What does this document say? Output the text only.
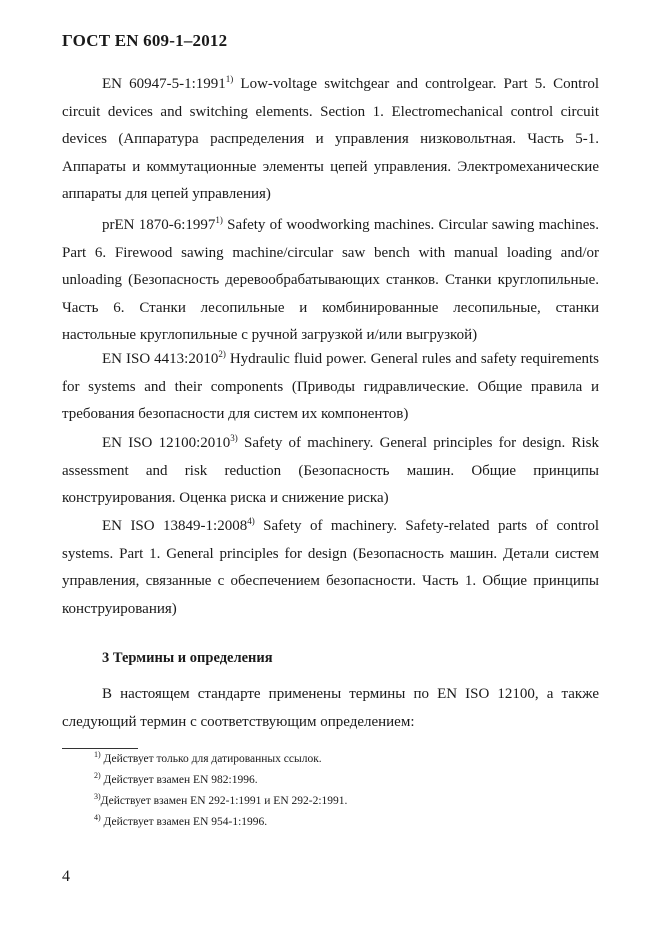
ГОСТ EN 609-1–2012

EN 60947-5-1:1991$^{1)}$ Low-voltage switchgear and controlgear. Part 5. Control circuit devices and switching elements. Section 1. Electromechanical control circuit devices (Аппаратура распределения и управления низковольтная. Часть 5-1. Аппараты и коммутационные элементы цепей управления. Электромеханические аппараты для цепей управления)

prEN 1870-6:1997$^{1)}$ Safety of woodworking machines. Circular sawing machines. Part 6. Firewood sawing machine/circular saw bench with manual loading and/or unloading (Безопасность деревообрабатывающих станков. Станки круглопильные. Часть 6. Станки лесопильные и комбинированные лесопильные, станки настольные круглопильные с ручной загрузкой и/или выгрузкой)

EN ISO 4413:2010$^{2)}$ Hydraulic fluid power. General rules and safety requirements for systems and their components (Приводы гидравлические. Общие правила и требования безопасности для систем их компонентов)

EN ISO 12100:2010$^{3)}$ Safety of machinery. General principles for design. Risk assessment and risk reduction (Безопасность машин. Общие принципы конструирования. Оценка риска и снижение риска)

EN ISO 13849-1:2008$^{4)}$ Safety of machinery. Safety-related parts of control systems. Part 1. General principles for design (Безопасность машин. Детали систем управления, связанные с обеспечением безопасности. Часть 1. Общие принципы конструирования)

3 Термины и определения

В настоящем стандарте применены термины по EN ISO 12100, а также следующий термин с соответствующим определением:

$^{1)}$ Действует только для датированных ссылок.
$^{2)}$ Действует взамен EN 982:1996.
$^{3)}$Действует взамен EN 292-1:1991 и EN 292-2:1991.
$^{4)}$ Действует взамен EN 954-1:1996.
4
